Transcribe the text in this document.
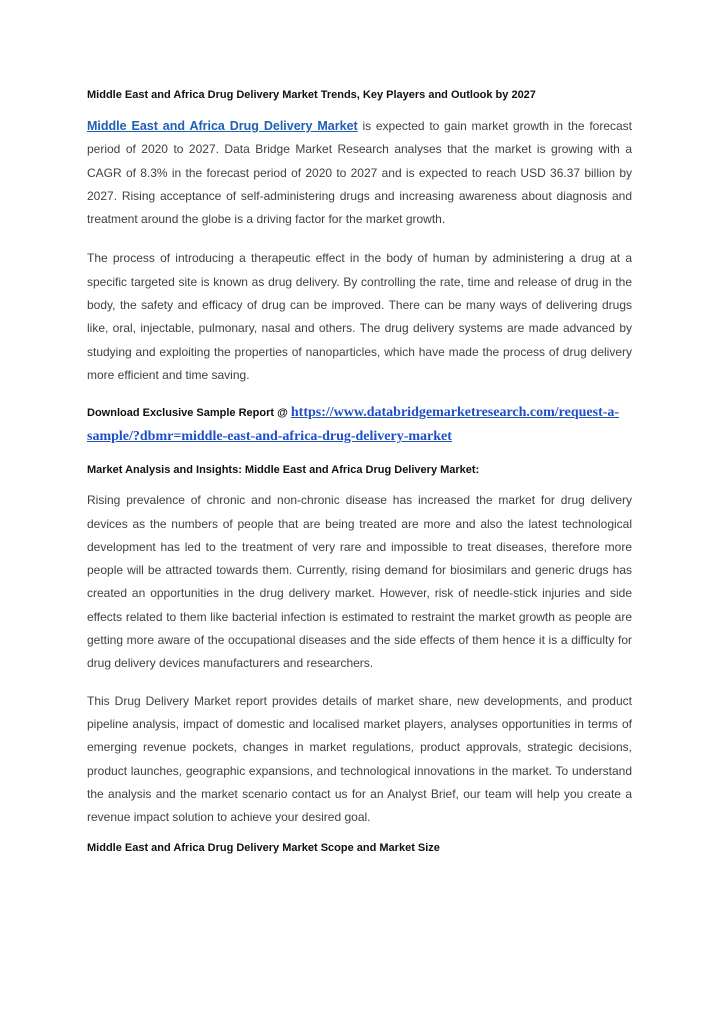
Middle East and Africa Drug Delivery Market Trends, Key Players and Outlook by 2027

Middle East and Africa Drug Delivery Market is expected to gain market growth in the forecast period of 2020 to 2027. Data Bridge Market Research analyses that the market is growing with a CAGR of 8.3% in the forecast period of 2020 to 2027 and is expected to reach USD 36.37 billion by 2027. Rising acceptance of self-administering drugs and increasing awareness about diagnosis and treatment around the globe is a driving factor for the market growth.

The process of introducing a therapeutic effect in the body of human by administering a drug at a specific targeted site is known as drug delivery. By controlling the rate, time and release of drug in the body, the safety and efficacy of drug can be improved. There can be many ways of delivering drugs like, oral, injectable, pulmonary, nasal and others. The drug delivery systems are made advanced by studying and exploiting the properties of nanoparticles, which have made the process of drug delivery more efficient and time saving.

Download Exclusive Sample Report @ https://www.databridgemarketresearch.com/request-a-sample/?dbmr=middle-east-and-africa-drug-delivery-market

Market Analysis and Insights: Middle East and Africa Drug Delivery Market:

Rising prevalence of chronic and non-chronic disease has increased the market for drug delivery devices as the numbers of people that are being treated are more and also the latest technological development has led to the treatment of very rare and impossible to treat diseases, therefore more people will be attracted towards them. Currently, rising demand for biosimilars and generic drugs has created an opportunities in the drug delivery market. However, risk of needle-stick injuries and side effects related to them like bacterial infection is estimated to restraint the market growth as people are getting more aware of the occupational diseases and the side effects of them hence it is a difficulty for drug delivery devices manufacturers and researchers.

This Drug Delivery Market report provides details of market share, new developments, and product pipeline analysis, impact of domestic and localised market players, analyses opportunities in terms of emerging revenue pockets, changes in market regulations, product approvals, strategic decisions, product launches, geographic expansions, and technological innovations in the market. To understand the analysis and the market scenario contact us for an Analyst Brief, our team will help you create a revenue impact solution to achieve your desired goal.

Middle East and Africa Drug Delivery Market Scope and Market Size
